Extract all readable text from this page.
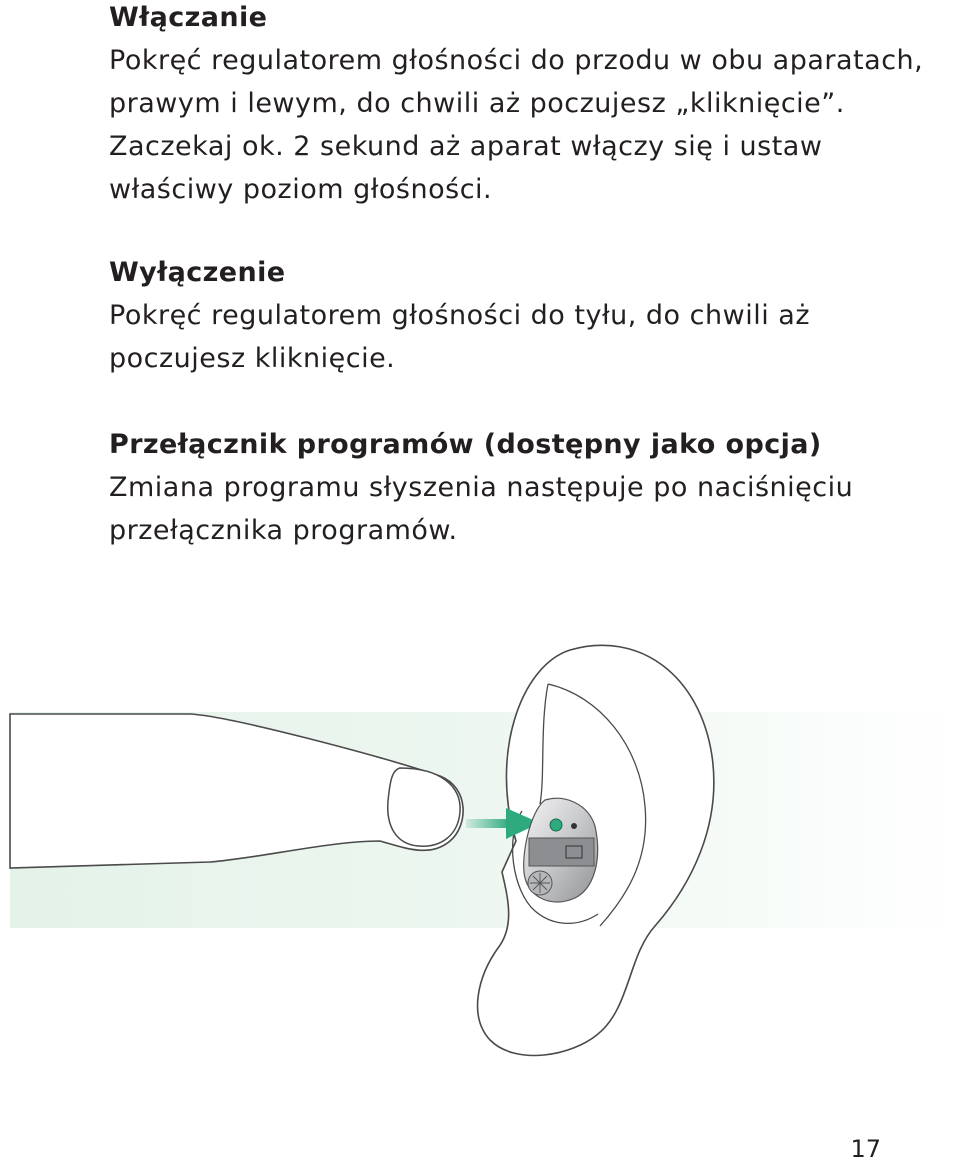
Włączanie

Pokręć regulatorem głośności do przodu w obu aparatach, prawym i lewym, do chwili aż poczujesz „kliknięcie”. Zaczekaj ok. 2 sekund aż aparat włączy się i ustaw właściwy poziom głośności.

Wyłączenie

Pokręć regulatorem głośności do tyłu, do chwili aż poczujesz kliknięcie.

Przełącznik programów (dostępny jako opcja)

Zmiana programu słyszenia następuje po naciśnięciu przełącznika programów.

17
